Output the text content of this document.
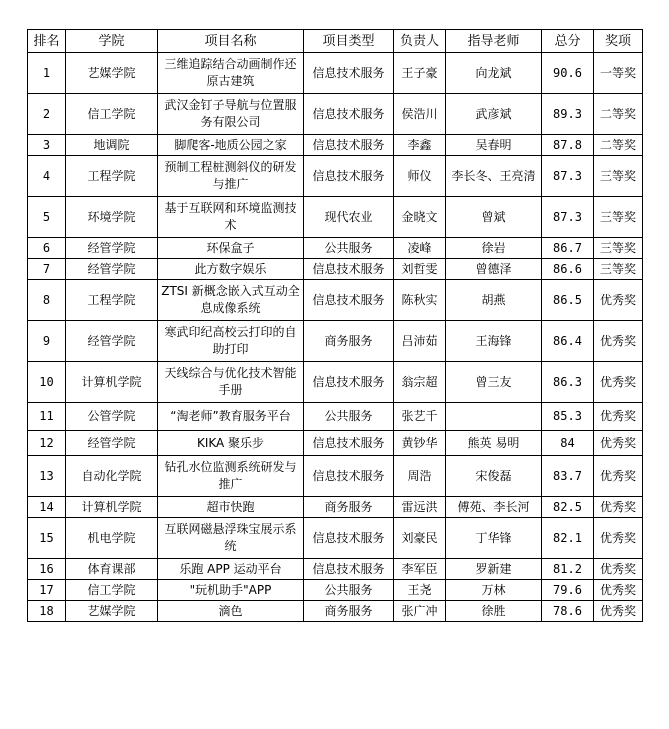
排名	学院	项目名称	项目类型	负责人	指导老师	总分	奖项
1	艺媒学院	三维追踪结合动画制作还原古建筑	信息技术服务	王子豪	向龙斌	90.6	一等奖
2	信工学院	武汉金钉子导航与位置服务有限公司	信息技术服务	侯浩川	武彦斌	89.3	二等奖
3	地调院	脚爬客-地质公园之家	信息技术服务	李鑫	吴春明	87.8	二等奖
4	工程学院	预制工程桩测斜仪的研发与推广	信息技术服务	师仪	李长冬、王亮清	87.3	三等奖
5	环境学院	基于互联网和环境监测技术	现代农业	金晓文	曾斌	87.3	三等奖
6	经管学院	环保盒子	公共服务	凌峰	徐岩	86.7	三等奖
7	经管学院	此方数字娱乐	信息技术服务	刘哲雯	曾德泽	86.6	三等奖
8	工程学院	ZTSI 新概念嵌入式互动全息成像系统	信息技术服务	陈秋实	胡燕	86.5	优秀奖
9	经管学院	寒武印纪高校云打印的自助打印	商务服务	吕沛茹	王海锋	86.4	优秀奖
10	计算机学院	天线综合与优化技术智能手册	信息技术服务	翁宗超	曾三友	86.3	优秀奖
11	公管学院	“淘老师”教育服务平台	公共服务	张艺千		85.3	优秀奖
12	经管学院	KIKA 聚乐步	信息技术服务	黄钞华	熊英 易明	84	优秀奖
13	自动化学院	钻孔水位监测系统研发与推广	信息技术服务	周浩	宋俊磊	83.7	优秀奖
14	计算机学院	超市快跑	商务服务	雷远洪	傅苑、李长河	82.5	优秀奖
15	机电学院	互联网磁悬浮珠宝展示系统	信息技术服务	刘豪民	丁华锋	82.1	优秀奖
16	体育课部	乐跑 APP 运动平台	信息技术服务	李军臣	罗新建	81.2	优秀奖
17	信工学院	"玩机助手"APP	公共服务	王尧	万林	79.6	优秀奖
18	艺媒学院	滴色	商务服务	张广冲	徐胜	78.6	优秀奖
